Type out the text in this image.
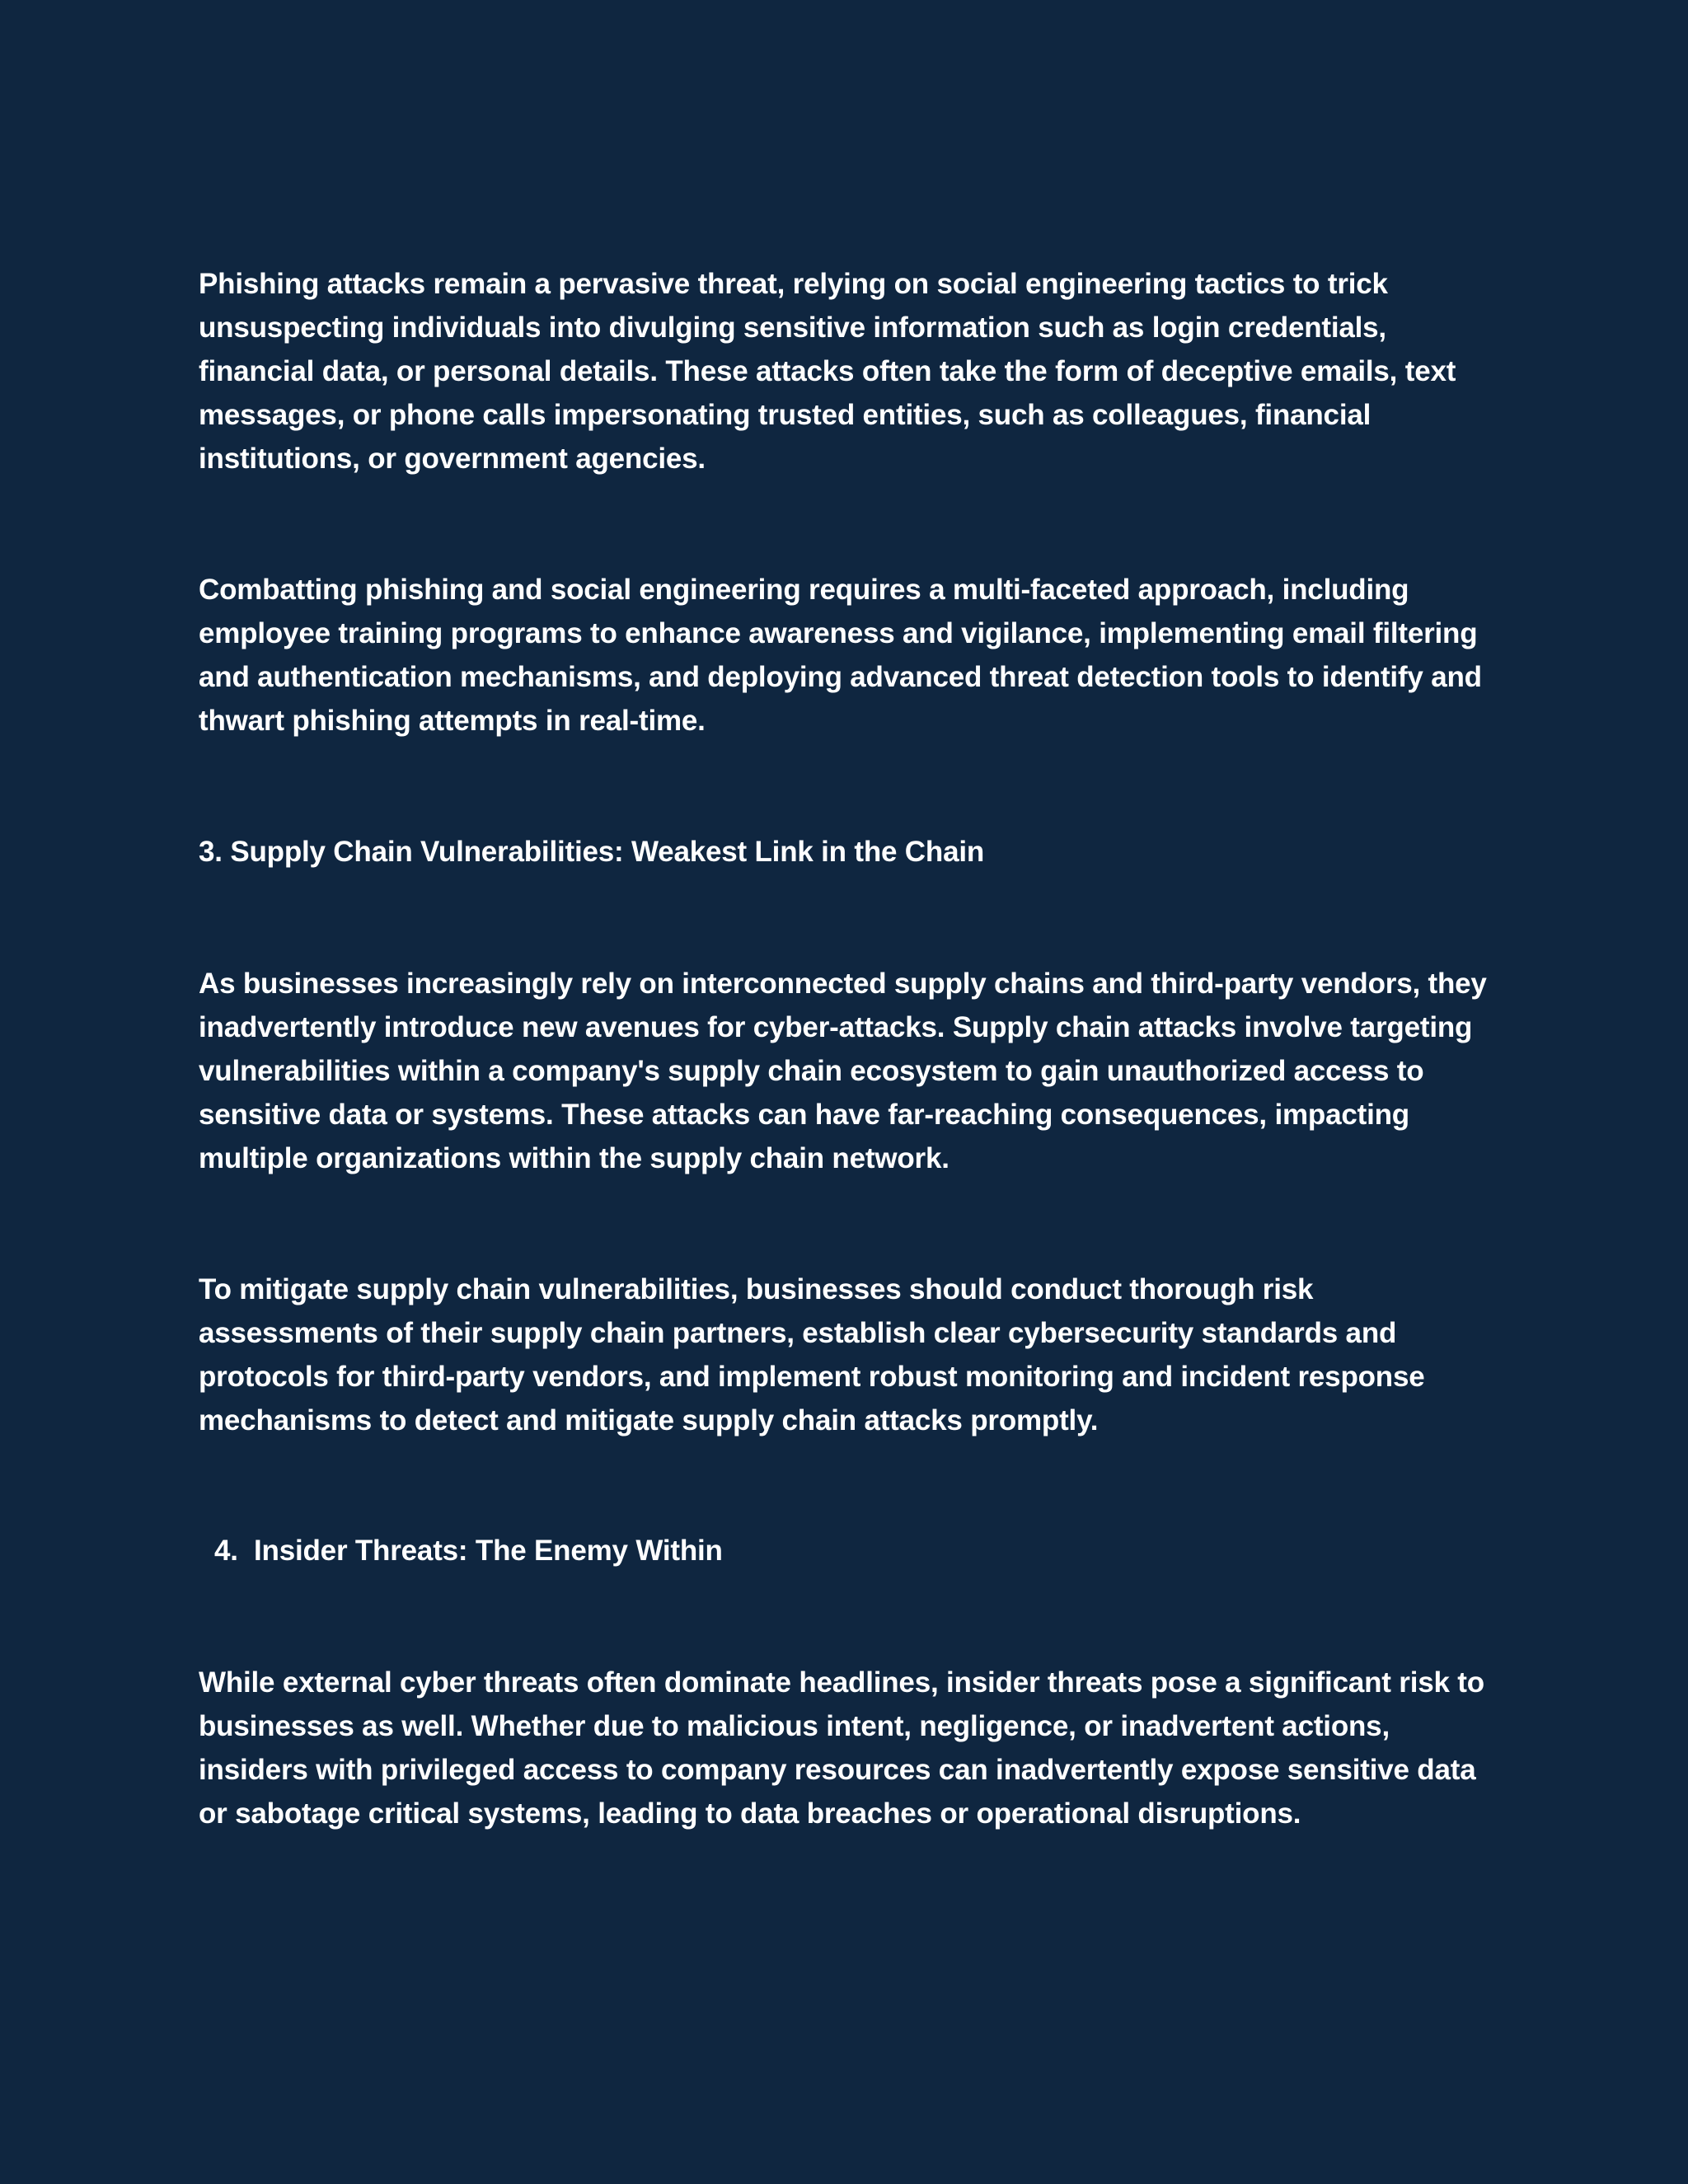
Phishing attacks remain a pervasive threat, relying on social engineering tactics to trick unsuspecting individuals into divulging sensitive information such as login credentials, financial data, or personal details. These attacks often take the form of deceptive emails, text messages, or phone calls impersonating trusted entities, such as colleagues, financial institutions, or government agencies.

Combatting phishing and social engineering requires a multi-faceted approach, including employee training programs to enhance awareness and vigilance, implementing email filtering and authentication mechanisms, and deploying advanced threat detection tools to identify and thwart phishing attempts in real-time.

3. Supply Chain Vulnerabilities: Weakest Link in the Chain

As businesses increasingly rely on interconnected supply chains and third-party vendors, they inadvertently introduce new avenues for cyber-attacks. Supply chain attacks involve targeting vulnerabilities within a company's supply chain ecosystem to gain unauthorized access to sensitive data or systems. These attacks can have far-reaching consequences, impacting multiple organizations within the supply chain network.

To mitigate supply chain vulnerabilities, businesses should conduct thorough risk assessments of their supply chain partners, establish clear cybersecurity standards and protocols for third-party vendors, and implement robust monitoring and incident response mechanisms to detect and mitigate supply chain attacks promptly.

4. Insider Threats: The Enemy Within

While external cyber threats often dominate headlines, insider threats pose a significant risk to businesses as well. Whether due to malicious intent, negligence, or inadvertent actions, insiders with privileged access to company resources can inadvertently expose sensitive data or sabotage critical systems, leading to data breaches or operational disruptions.
